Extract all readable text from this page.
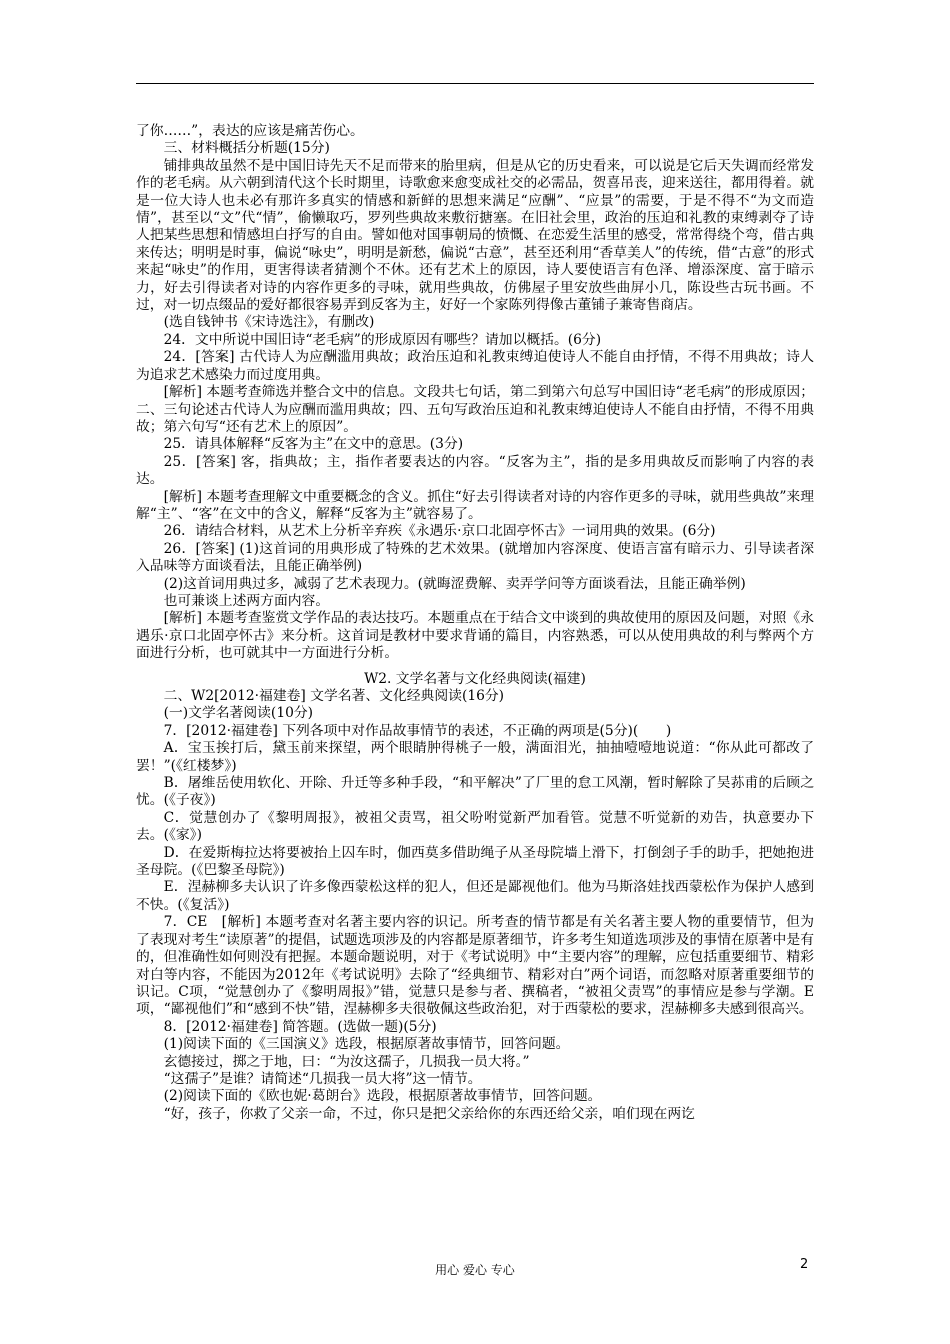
了你……”，表达的应该是痛苦伤心。

三、材料概括分析题(15分)

铺排典故虽然不是中国旧诗先天不足而带来的胎里病，但是从它的历史看来，可以说是它后天失调而经常发作的老毛病。从六朝到清代这个长时期里，诗歌愈来愈变成社交的必需品，贺喜吊丧，迎来送往，都用得着。就是一位大诗人也未必有那许多真实的情感和新鲜的思想来满足“应酬”、“应景”的需要，于是不得不“为文而造情”，甚至以“文”代“情”，偷懒取巧，罗列些典故来敷衍搪塞。在旧社会里，政治的压迫和礼教的束缚剥夺了诗人把某些思想和情感坦白抒写的自由。譬如他对国事朝局的愤慨、在恋爱生活里的感受，常常得绕个弯，借古典来传达；明明是时事，偏说“咏史”，明明是新愁，偏说“古意”，甚至还利用“香草美人”的传统，借“古意”的形式来起“咏史”的作用，更害得读者猜测个不休。还有艺术上的原因，诗人要使语言有色泽、增添深度、富于暗示力，好去引得读者对诗的内容作更多的寻味，就用些典故，仿佛屋子里安放些曲屏小几，陈设些古玩书画。不过，对一切点缀品的爱好都很容易弄到反客为主，好好一个家陈列得像古董铺子兼寄售商店。

(选自钱钟书《宋诗选注》，有删改)

24．文中所说中国旧诗“老毛病”的形成原因有哪些？请加以概括。(6分)

24．[答案] 古代诗人为应酬滥用典故；政治压迫和礼教束缚迫使诗人不能自由抒情，不得不用典故；诗人为追求艺术感染力而过度用典。

[解析] 本题考查筛选并整合文中的信息。文段共七句话，第二到第六句总写中国旧诗“老毛病”的形成原因；二、三句论述古代诗人为应酬而滥用典故；四、五句写政治压迫和礼教束缚迫使诗人不能自由抒情，不得不用典故；第六句写“还有艺术上的原因”。

25．请具体解释“反客为主”在文中的意思。(3分)

25．[答案] 客，指典故；主，指作者要表达的内容。“反客为主”，指的是多用典故反而影响了内容的表达。

[解析] 本题考查理解文中重要概念的含义。抓住“好去引得读者对诗的内容作更多的寻味，就用些典故”来理解“主”、“客”在文中的含义，解释“反客为主”就容易了。

26．请结合材料，从艺术上分析辛弃疾《永遇乐·京口北固亭怀古》一词用典的效果。(6分)

26．[答案] (1)这首词的用典形成了特殊的艺术效果。(就增加内容深度、使语言富有暗示力、引导读者深入品味等方面谈看法，且能正确举例)

(2)这首词用典过多，减弱了艺术表现力。(就晦涩费解、卖弄学问等方面谈看法，且能正确举例)

也可兼谈上述两方面内容。

[解析] 本题考查鉴赏文学作品的表达技巧。本题重点在于结合文中谈到的典故使用的原因及问题，对照《永遇乐·京口北固亭怀古》来分析。这首词是教材中要求背诵的篇目，内容熟悉，可以从使用典故的利与弊两个方面进行分析，也可就其中一方面进行分析。

W2. 文学名著与文化经典阅读(福建)

二、W2[2012·福建卷] 文学名著、文化经典阅读(16分)

(一)文学名著阅读(10分)

7．[2012·福建卷] 下列各项中对作品故事情节的表述，不正确的两项是(5分)(　　)

A．宝玉挨打后，黛玉前来探望，两个眼睛肿得桃子一般，满面泪光，抽抽噎噎地说道：“你从此可都改了罢！”(《红楼梦》)

B．屠维岳使用软化、开除、升迁等多种手段，“和平解决”了厂里的怠工风潮，暂时解除了吴荪甫的后顾之忧。(《子夜》)

C．觉慧创办了《黎明周报》，被祖父责骂，祖父吩咐觉新严加看管。觉慧不听觉新的劝告，执意要办下去。(《家》)

D．在爱斯梅拉达将要被抬上囚车时，伽西莫多借助绳子从圣母院墙上滑下，打倒刽子手的助手，把她抱进圣母院。(《巴黎圣母院》)

E．涅赫柳多夫认识了许多像西蒙松这样的犯人，但还是鄙视他们。他为马斯洛娃找西蒙松作为保护人感到不快。(《复活》)

7．CE　[解析] 本题考查对名著主要内容的识记。所考查的情节都是有关名著主要人物的重要情节，但为了表现对考生“读原著”的提倡，试题选项涉及的内容都是原著细节，许多考生知道选项涉及的事情在原著中是有的，但准确性如何则没有把握。本题命题说明，对于《考试说明》中“主要内容”的理解，应包括重要细节、精彩对白等内容，不能因为2012年《考试说明》去除了“经典细节、精彩对白”两个词语，而忽略对原著重要细节的识记。C项，“觉慧创办了《黎明周报》”错，觉慧只是参与者、撰稿者，“被祖父责骂”的事情应是参与学潮。E项，“鄙视他们”和“感到不快”错，涅赫柳多夫很敬佩这些政治犯，对于西蒙松的要求，涅赫柳多夫感到很高兴。

8．[2012·福建卷] 简答题。(选做一题)(5分)

(1)阅读下面的《三国演义》选段，根据原著故事情节，回答问题。

玄德接过，掷之于地，曰：“为汝这孺子，几损我一员大将。”

“这孺子”是谁？请简述“几损我一员大将”这一情节。

(2)阅读下面的《欧也妮·葛朗台》选段，根据原著故事情节，回答问题。

“好，孩子，你救了父亲一命，不过，你只是把父亲给你的东西还给父亲，咱们现在两讫

用心 爱心 专心	2
